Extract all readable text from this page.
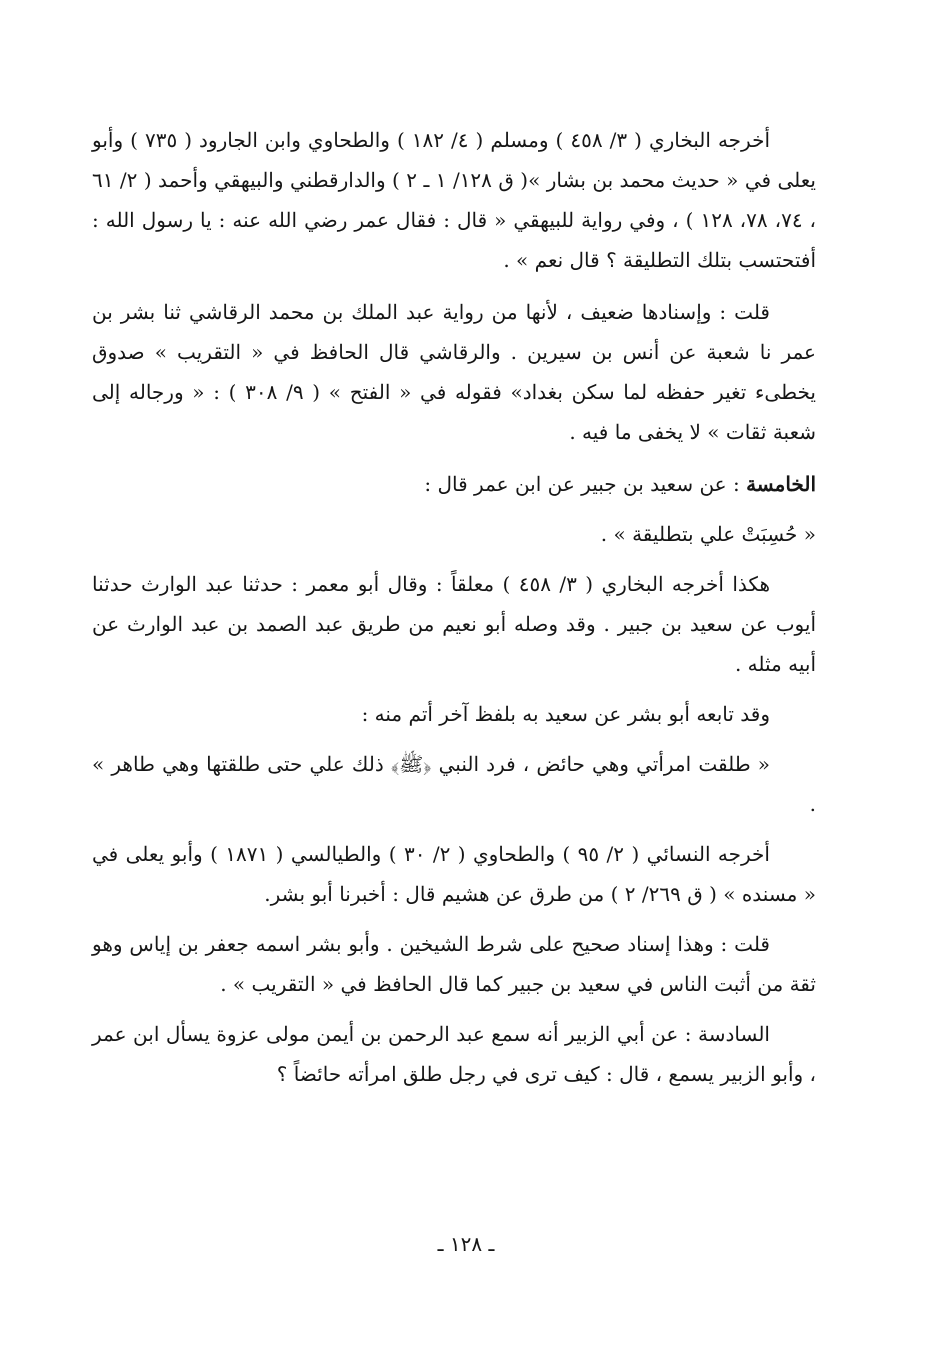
أخرجه البخاري ( ٣/ ٤٥٨ ) ومسلم ( ٤/ ١٨٢ ) والطحاوي وابن الجارود ( ٧٣٥ ) وأبو يعلى في « حديث محمد بن بشار »( ق ١٢٨/ ١ ـ ٢ ) والدارقطني والبيهقي وأحمد ( ٢/ ٦١ ، ٧٤، ٧٨، ١٢٨ ) ، وفي رواية للبيهقي « قال : فقال عمر رضي الله عنه : يا رسول الله : أفتحتسب بتلك التطليقة ؟ قال نعم » .

قلت : وإسنادها ضعيف ، لأنها من رواية عبد الملك بن محمد الرقاشي ثنا بشر بن عمر نا شعبة عن أنس بن سيرين . والرقاشي قال الحافظ في « التقريب » صدوق يخطىء تغير حفظه لما سكن بغداد» فقوله في « الفتح » ( ٩/ ٣٠٨ ) : « ورجاله إلى شعبة ثقات » لا يخفى ما فيه .

الخامسة : عن سعيد بن جبير عن ابن عمر قال :

« حُسِبَتْ علي بتطليقة » .

هكذا أخرجه البخاري ( ٣/ ٤٥٨ ) معلقاً : وقال أبو معمر : حدثنا عبد الوارث حدثنا أيوب عن سعيد بن جبير . وقد وصله أبو نعيم من طريق عبد الصمد بن عبد الوارث عن أبيه مثله .

وقد تابعه أبو بشر عن سعيد به بلفظ آخر أتم منه :

« طلقت امرأتي وهي حائض ، فرد النبي ﴿ﷺ﴾ ذلك علي حتى طلقتها وهي طاهر » .

أخرجه النسائي ( ٢/ ٩٥ ) والطحاوي ( ٢/ ٣٠ ) والطيالسي ( ١٨٧١ ) وأبو يعلى في « مسنده » ( ق ٢٦٩/ ٢ ) من طرق عن هشيم قال : أخبرنا أبو بشر.

قلت : وهذا إسناد صحيح على شرط الشيخين . وأبو بشر اسمه جعفر بن إياس وهو ثقة من أثبت الناس في سعيد بن جبير كما قال الحافظ في « التقريب » .

السادسة : عن أبي الزبير أنه سمع عبد الرحمن بن أيمن مولى عزوة يسأل ابن عمر ، وأبو الزبير يسمع ، قال : كيف ترى في رجل طلق امرأته حائضاً ؟

ـ ١٢٨ ـ
